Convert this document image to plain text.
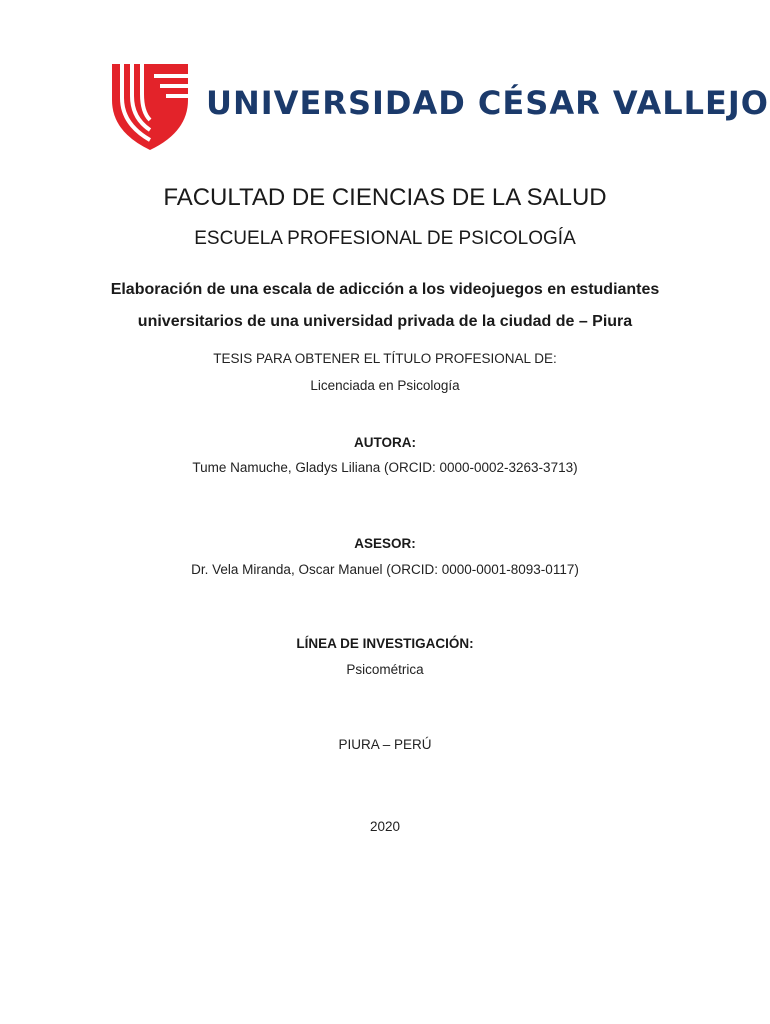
UNIVERSIDAD CÉSAR VALLEJO
FACULTAD DE CIENCIAS DE LA SALUD
ESCUELA PROFESIONAL DE PSICOLOGÍA
Elaboración de una escala de adicción a los videojuegos en estudiantes
universitarios de una universidad privada de la ciudad de – Piura
TESIS PARA OBTENER EL TÍTULO PROFESIONAL DE:
Licenciada en Psicología
AUTORA:
Tume Namuche, Gladys Liliana (ORCID: 0000-0002-3263-3713)
ASESOR:
Dr. Vela Miranda, Oscar Manuel (ORCID: 0000-0001-8093-0117)
LÍNEA DE INVESTIGACIÓN:
Psicométrica
PIURA – PERÚ
2020
